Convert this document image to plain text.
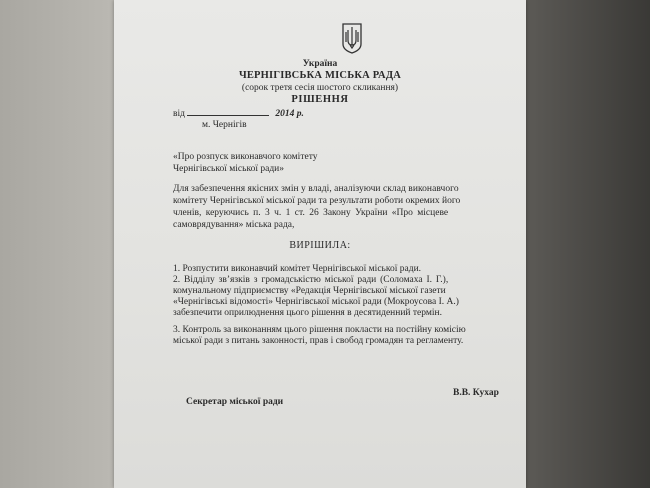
Україна
ЧЕРНІГІВСЬКА МІСЬКА РАДА
(сорок третя сесія шостого скликання)
РІШЕННЯ
від	2014 р.
м. Чернігів
«Про розпуск виконавчого комітету
Чернігівської міської ради»
Для забезпечення якісних змін у владі, аналізуючи склад виконавчого
комітету Чернігівської міської ради та результати роботи окремих його
членів, керуючись п. 3 ч. 1 ст. 26 Закону України «Про місцеве
самоврядування» міська рада,
ВИРІШИЛА:
1. Розпустити виконавчий комітет Чернігівської міської ради.
2. Відділу зв’язків з громадськістю міської ради (Соломаха І. Г.),
комунальному підприємству «Редакція Чернігівської міської газети
«Чернігівські відомості» Чернігівської міської ради (Мокроусова І. А.)
забезпечити оприлюднення цього рішення в десятиденний термін.
3. Контроль за виконанням цього рішення покласти на постійну комісію
міської ради з питань законності, прав і свобод громадян та регламенту.
В.В. Кухар
Секретар міської ради
